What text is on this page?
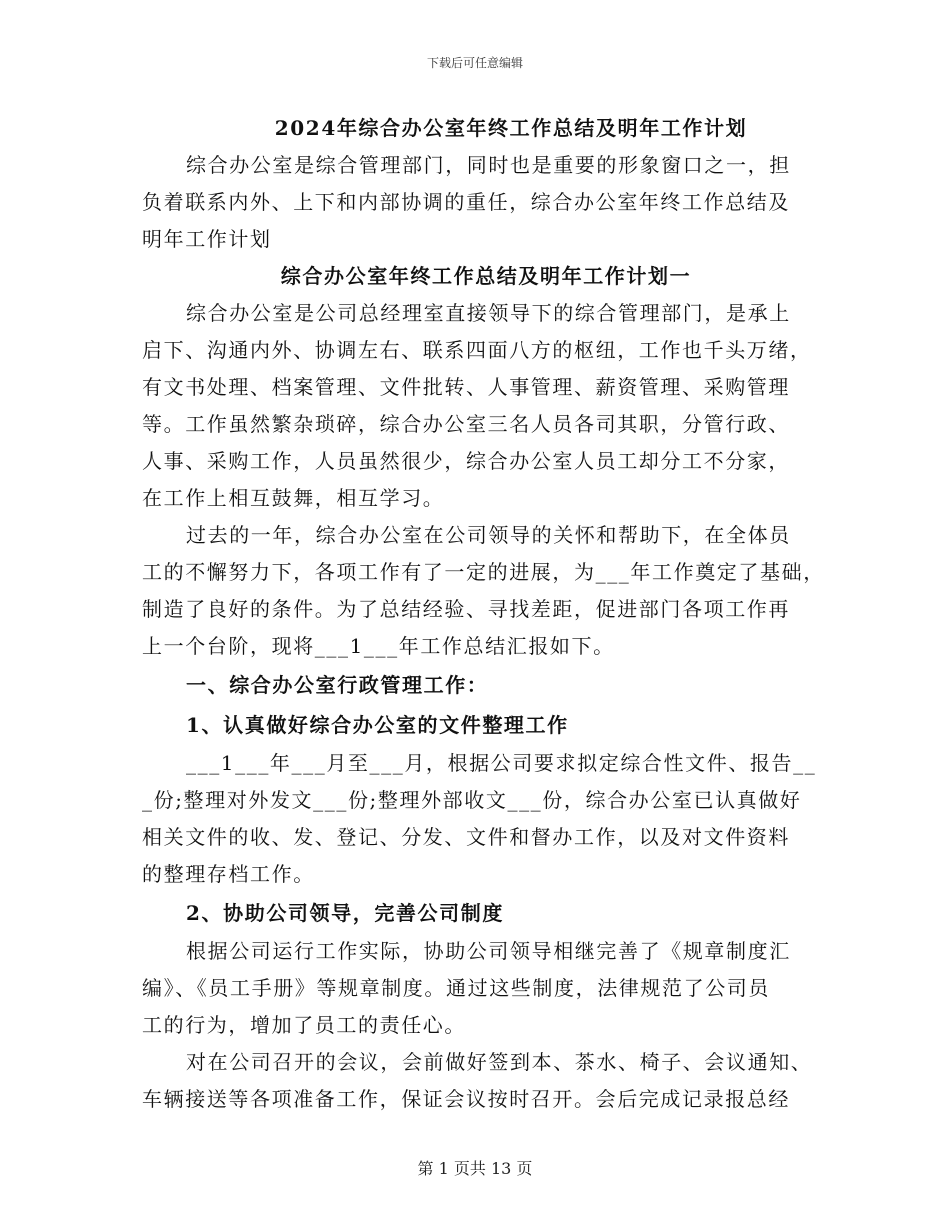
下载后可任意编辑
2024年综合办公室年终工作总结及明年工作计划
综合办公室是综合管理部门，同时也是重要的形象窗口之一，担
负着联系内外、上下和内部协调的重任，综合办公室年终工作总结及
明年工作计划
综合办公室年终工作总结及明年工作计划一
综合办公室是公司总经理室直接领导下的综合管理部门，是承上
启下、沟通内外、协调左右、联系四面八方的枢纽，工作也千头万绪，
有文书处理、档案管理、文件批转、人事管理、薪资管理、采购管理
等。工作虽然繁杂琐碎，综合办公室三名人员各司其职，分管行政、
人事、采购工作，人员虽然很少，综合办公室人员工却分工不分家，
在工作上相互鼓舞，相互学习。
过去的一年，综合办公室在公司领导的关怀和帮助下，在全体员
工的不懈努力下，各项工作有了一定的进展，为___年工作奠定了基础，
制造了良好的条件。为了总结经验、寻找差距，促进部门各项工作再
上一个台阶，现将___1___年工作总结汇报如下。
一、综合办公室行政管理工作：
1、认真做好综合办公室的文件整理工作
___1___年___月至___月，根据公司要求拟定综合性文件、报告__
_份;整理对外发文___份;整理外部收文___份，综合办公室已认真做好
相关文件的收、发、登记、分发、文件和督办工作，以及对文件资料
的整理存档工作。
2、协助公司领导，完善公司制度
根据公司运行工作实际，协助公司领导相继完善了《规章制度汇
编》、《员工手册》等规章制度。通过这些制度，法律规范了公司员
工的行为，增加了员工的责任心。
对在公司召开的会议，会前做好签到本、茶水、椅子、会议通知、
车辆接送等各项准备工作，保证会议按时召开。会后完成记录报总经
第 1 页共 13 页
